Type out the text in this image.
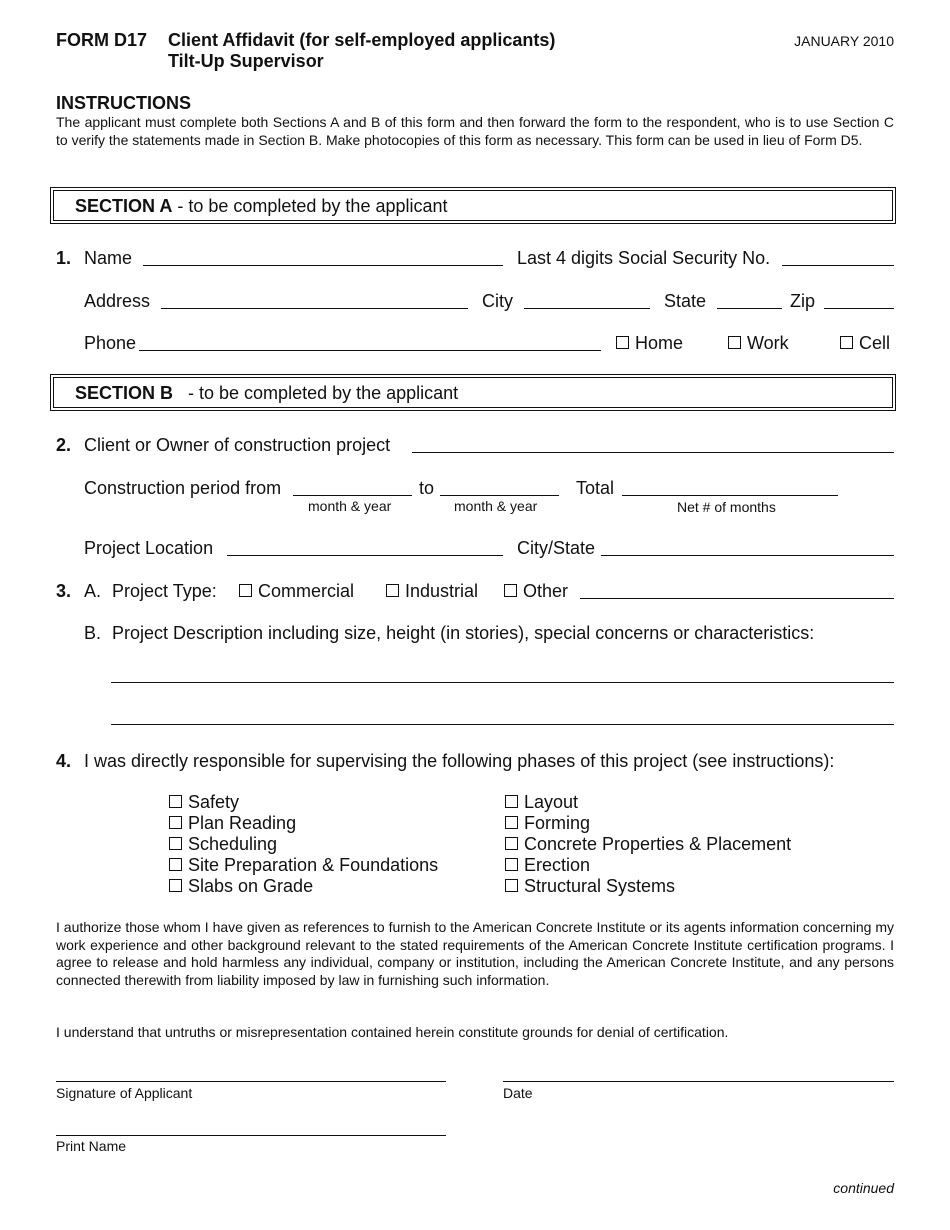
FORM D17 Client Affidavit (for self-employed applicants)
Tilt-Up Supervisor
JANUARY 2010
INSTRUCTIONS
The applicant must complete both Sections A and B of this form and then forward the form to the respondent, who is to use Section C to verify the statements made in Section B. Make photocopies of this form as necessary. This form can be used in lieu of Form D5.
SECTION A - to be completed by the applicant
1. Name	Last 4 digits Social Security No.
Address	City	State	Zip
Phone	Home	Work	Cell
SECTION B   - to be completed by the applicant
2. Client or Owner of construction project
Construction period from
month & year
to
month & year
Total
Net # of months
Project Location	City/State
3. A. Project Type:	Commercial	Industrial	Other
B. Project Description including size, height (in stories), special concerns or characteristics:
4. I was directly responsible for supervising the following phases of this project (see instructions):
Safety
Plan Reading
Scheduling
Site Preparation & Foundations
Slabs on Grade
Layout
Forming
Concrete Properties & Placement
Erection
Structural Systems
I authorize those whom I have given as references to furnish to the American Concrete Institute or its agents information concerning my work experience and other background relevant to the stated requirements of the American Concrete Institute certification programs. I agree to release and hold harmless any individual, company or institution, including the American Concrete Institute, and any persons connected therewith from liability imposed by law in furnishing such information.
I understand that untruths or misrepresentation contained herein constitute grounds for denial of certification.
Signature of Applicant	Date
Print Name
continued
